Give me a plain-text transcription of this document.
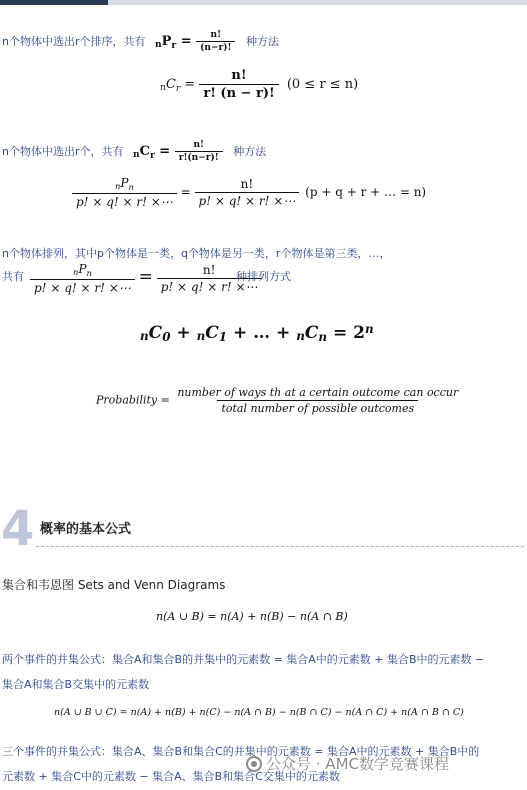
n个物体中选出r个排序，共有 $nP_r = \frac{n!}{(n-r)!}$ 种方法
$nC_r = \frac{n!}{r! (n - r)!} (0 \le r \le n)$
n个物体中选出r个，共有 $nC_r = \frac{n!}{r!(n-r)!}$ 种方法
$\frac{nP_n}{p! \times q! \times r! \times\cdots} = \frac{n!}{p! \times q! \times r! \times\cdots} (p + q + r$ + … = n)
n个物体排列，其中p个物体是一类，q个物体是另一类，r个物体是第三类，…，
共有 $\frac{nP_n}{p! \times q! \times r! \times\cdots} = \frac{n!}{p! \times q! \times r! \times\cdots}$
种排列方式
$nC_0 + nC_1$ + … + $nC_n = 2^n$
Probability = $\frac{\text{number of ways tℎ at a certain outcome can occur}}{\text{total number of possible outcomes}}$
4 概率的基本公式
集合和韦恩图 Sets and Venn Diagrams
n(A ∪ B) = n(A) + n(B) − n(A ∩ B)
两个事件的并集公式：集合A和集合B的并集中的元素数 = 集合A中的元素数 + 集合B中的元素数 −
集合A和集合B交集中的元素数
n(A ∪ B ∪ C) = n(A) + n(B) + n(C) − n(A ∩ B) − n(B ∩ C) − n(A ∩ C) + n(A ∩ B ∩ C)
三个事件的并集公式：集合A、集合B和集合C的并集中的元素数 = 集合A中的元素数 + 集合B中的
元素数 + 集合C中的元素数 − 集合A、集合B和集合C交集中的元素数
公众号 · AMC数学竞赛课程
